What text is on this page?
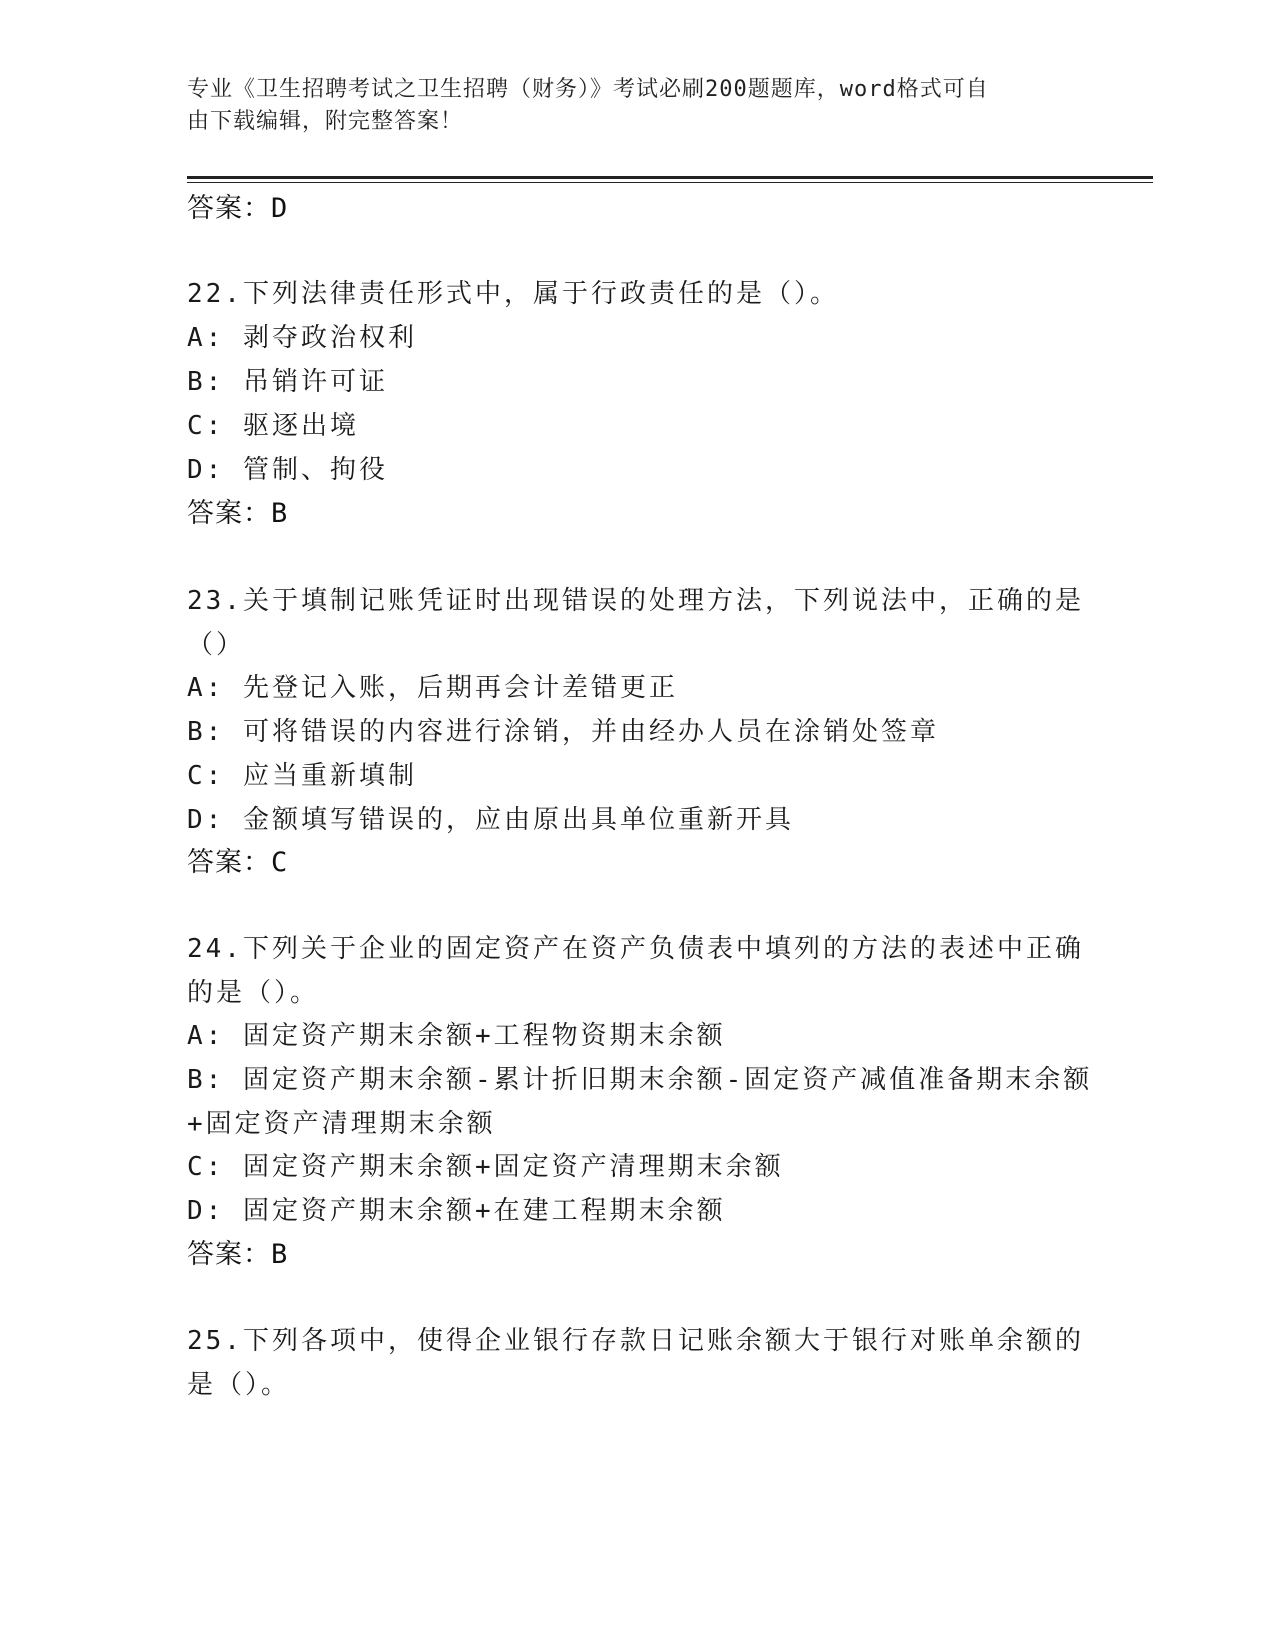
专业《卫生招聘考试之卫生招聘（财务）》考试必刷200题题库，word格式可自
由下载编辑，附完整答案！
答案：D
22.下列法律责任形式中，属于行政责任的是（）。
A: 剥夺政治权利
B: 吊销许可证
C: 驱逐出境
D: 管制、拘役
答案：B
23.关于填制记账凭证时出现错误的处理方法，下列说法中，正确的是
（）
A: 先登记入账，后期再会计差错更正
B: 可将错误的内容进行涂销，并由经办人员在涂销处签章
C: 应当重新填制
D: 金额填写错误的，应由原出具单位重新开具
答案：C
24.下列关于企业的固定资产在资产负债表中填列的方法的表述中正确
的是（）。
A: 固定资产期末余额+工程物资期末余额
B: 固定资产期末余额-累计折旧期末余额-固定资产减值准备期末余额
+固定资产清理期末余额
C: 固定资产期末余额+固定资产清理期末余额
D: 固定资产期末余额+在建工程期末余额
答案：B
25.下列各项中，使得企业银行存款日记账余额大于银行对账单余额的
是（）。
